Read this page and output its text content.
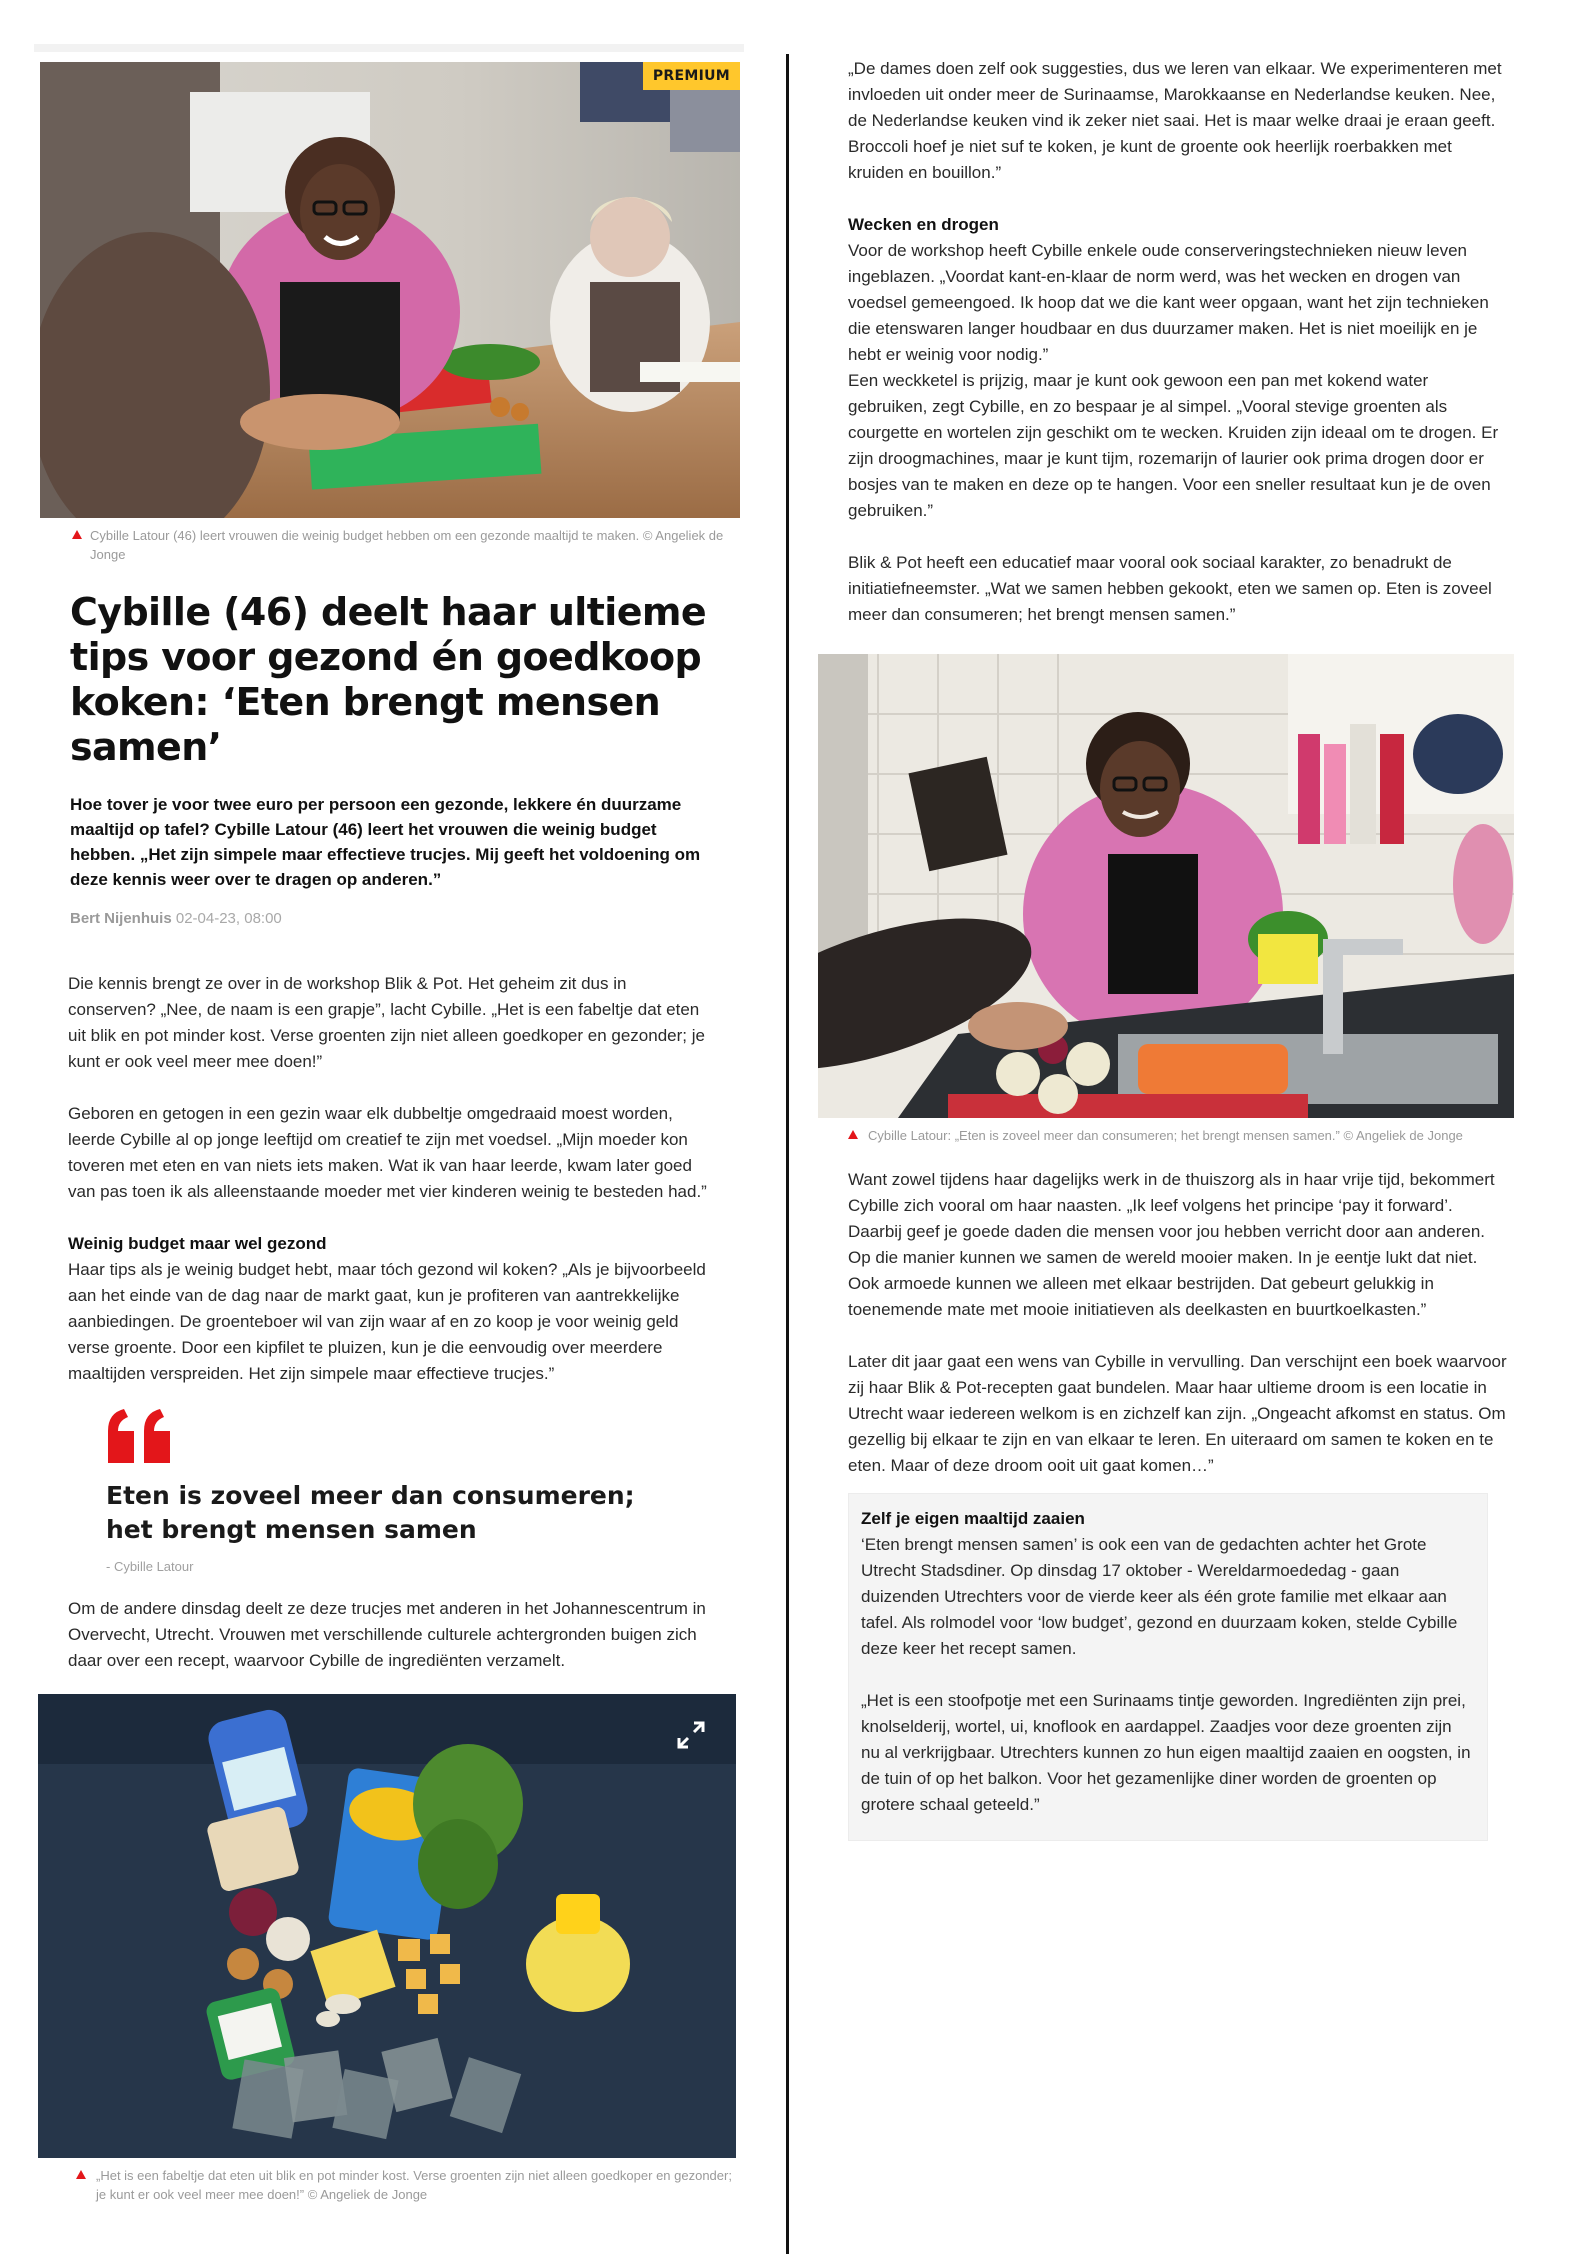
PREMIUM
Cybille Latour (46) leert vrouwen die weinig budget hebben om een gezonde maaltijd te maken. © Angeliek de Jonge
Cybille (46) deelt haar ultieme tips voor gezond én goedkoop koken: ‘Eten brengt mensen samen’
Hoe tover je voor twee euro per persoon een gezonde, lekkere én duurzame maaltijd op tafel? Cybille Latour (46) leert het vrouwen die weinig budget hebben. „Het zijn simpele maar effectieve trucjes. Mij geeft het voldoening om deze kennis weer over te dragen op anderen.”
Bert Nijenhuis 02-04-23, 08:00

Die kennis brengt ze over in de workshop Blik & Pot. Het geheim zit dus in conserven? „Nee, de naam is een grapje”, lacht Cybille. „Het is een fabeltje dat eten uit blik en pot minder kost. Verse groenten zijn niet alleen goedkoper en gezonder; je kunt er ook veel meer mee doen!”

Geboren en getogen in een gezin waar elk dubbeltje omgedraaid moest worden, leerde Cybille al op jonge leeftijd om creatief te zijn met voedsel. „Mijn moeder kon toveren met eten en van niets iets maken. Wat ik van haar leerde, kwam later goed van pas toen ik als alleenstaande moeder met vier kinderen weinig te besteden had.”

Weinig budget maar wel gezond

Haar tips als je weinig budget hebt, maar tóch gezond wil koken? „Als je bijvoorbeeld aan het einde van de dag naar de markt gaat, kun je profiteren van aantrekkelijke aanbiedingen. De groenteboer wil van zijn waar af en zo koop je voor weinig geld verse groente. Door een kipfilet te pluizen, kun je die eenvoudig over meerdere maaltijden verspreiden. Het zijn simpele maar effectieve trucjes.”

Eten is zoveel meer dan consumeren; het brengt mensen samen
- Cybille Latour

Om de andere dinsdag deelt ze deze trucjes met anderen in het Johannescentrum in Overvecht, Utrecht. Vrouwen met verschillende culturele achtergronden buigen zich daar over een recept, waarvoor Cybille de ingrediënten verzamelt.

„Het is een fabeltje dat eten uit blik en pot minder kost. Verse groenten zijn niet alleen goedkoper en gezonder; je kunt er ook veel meer mee doen!” © Angeliek de Jonge

„De dames doen zelf ook suggesties, dus we leren van elkaar. We experimenteren met invloeden uit onder meer de Surinaamse, Marokkaanse en Nederlandse keuken. Nee, de Nederlandse keuken vind ik zeker niet saai. Het is maar welke draai je eraan geeft. Broccoli hoef je niet suf te koken, je kunt de groente ook heerlijk roerbakken met kruiden en bouillon.”

Wecken en drogen

Voor de workshop heeft Cybille enkele oude conserveringstechnieken nieuw leven ingeblazen. „Voordat kant-en-klaar de norm werd, was het wecken en drogen van voedsel gemeengoed. Ik hoop dat we die kant weer opgaan, want het zijn technieken die etenswaren langer houdbaar en dus duurzamer maken. Het is niet moeilijk en je hebt er weinig voor nodig.”

Een weckketel is prijzig, maar je kunt ook gewoon een pan met kokend water gebruiken, zegt Cybille, en zo bespaar je al simpel. „Vooral stevige groenten als courgette en wortelen zijn geschikt om te wecken. Kruiden zijn ideaal om te drogen. Er zijn droogmachines, maar je kunt tijm, rozemarijn of laurier ook prima drogen door er bosjes van te maken en deze op te hangen. Voor een sneller resultaat kun je de oven gebruiken.”

Blik & Pot heeft een educatief maar vooral ook sociaal karakter, zo benadrukt de initiatiefneemster. „Wat we samen hebben gekookt, eten we samen op. Eten is zoveel meer dan consumeren; het brengt mensen samen.”

Cybille Latour: „Eten is zoveel meer dan consumeren; het brengt mensen samen.” © Angeliek de Jonge

Want zowel tijdens haar dagelijks werk in de thuiszorg als in haar vrije tijd, bekommert Cybille zich vooral om haar naasten. „Ik leef volgens het principe ‘pay it forward’. Daarbij geef je goede daden die mensen voor jou hebben verricht door aan anderen. Op die manier kunnen we samen de wereld mooier maken. In je eentje lukt dat niet. Ook armoede kunnen we alleen met elkaar bestrijden. Dat gebeurt gelukkig in toenemende mate met mooie initiatieven als deelkasten en buurtkoelkasten.”

Later dit jaar gaat een wens van Cybille in vervulling. Dan verschijnt een boek waarvoor zij haar Blik & Pot-recepten gaat bundelen. Maar haar ultieme droom is een locatie in Utrecht waar iedereen welkom is en zichzelf kan zijn. „Ongeacht afkomst en status. Om gezellig bij elkaar te zijn en van elkaar te leren. En uiteraard om samen te koken en te eten. Maar of deze droom ooit uit gaat komen…”

Zelf je eigen maaltijd zaaien

‘Eten brengt mensen samen’ is ook een van de gedachten achter het Grote Utrecht Stadsdiner. Op dinsdag 17 oktober - Wereldarmoededag - gaan duizenden Utrechters voor de vierde keer als één grote familie met elkaar aan tafel. Als rolmodel voor ‘low budget’, gezond en duurzaam koken, stelde Cybille deze keer het recept samen.

„Het is een stoofpotje met een Surinaams tintje geworden. Ingrediënten zijn prei, knolselderij, wortel, ui, knoflook en aardappel. Zaadjes voor deze groenten zijn nu al verkrijgbaar. Utrechters kunnen zo hun eigen maaltijd zaaien en oogsten, in de tuin of op het balkon. Voor het gezamenlijke diner worden de groenten op grotere schaal geteeld.”
